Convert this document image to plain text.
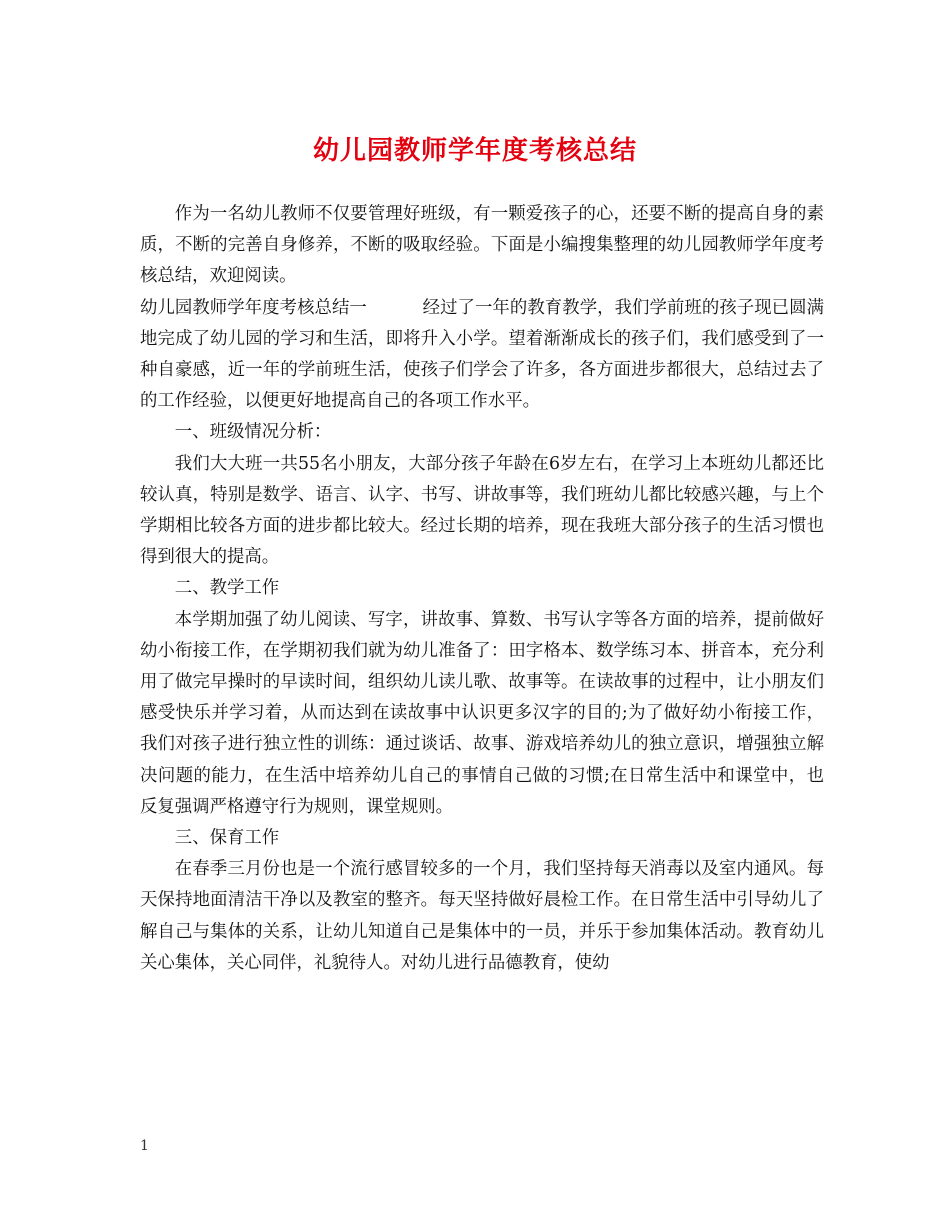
幼儿园教师学年度考核总结

作为一名幼儿教师不仅要管理好班级，有一颗爱孩子的心，还要不断的提高自身的素质，不断的完善自身修养，不断的吸取经验。下面是小编搜集整理的幼儿园教师学年度考核总结，欢迎阅读。

幼儿园教师学年度考核总结一	经过了一年的教育教学，我们学前班的孩子现已圆满地完成了幼儿园的学习和生活，即将升入小学。望着渐渐成长的孩子们，我们感受到了一种自豪感，近一年的学前班生活，使孩子们学会了许多，各方面进步都很大，总结过去了的工作经验，以便更好地提高自己的各项工作水平。

一、班级情况分析：

我们大大班一共55名小朋友，大部分孩子年龄在6岁左右，在学习上本班幼儿都还比较认真，特别是数学、语言、认字、书写、讲故事等，我们班幼儿都比较感兴趣，与上个学期相比较各方面的进步都比较大。经过长期的培养，现在我班大部分孩子的生活习惯也得到很大的提高。

二、教学工作

本学期加强了幼儿阅读、写字，讲故事、算数、书写认字等各方面的培养，提前做好幼小衔接工作，在学期初我们就为幼儿准备了：田字格本、数学练习本、拼音本，充分利用了做完早操时的早读时间，组织幼儿读儿歌、故事等。在读故事的过程中，让小朋友们感受快乐并学习着，从而达到在读故事中认识更多汉字的目的;为了做好幼小衔接工作，我们对孩子进行独立性的训练：通过谈话、故事、游戏培养幼儿的独立意识，增强独立解决问题的能力，在生活中培养幼儿自己的事情自己做的习惯;在日常生活中和课堂中，也反复强调严格遵守行为规则，课堂规则。

三、保育工作

在春季三月份也是一个流行感冒较多的一个月，我们坚持每天消毒以及室内通风。每天保持地面清洁干净以及教室的整齐。每天坚持做好晨检工作。在日常生活中引导幼儿了解自己与集体的关系，让幼儿知道自己是集体中的一员，并乐于参加集体活动。教育幼儿关心集体，关心同伴，礼貌待人。对幼儿进行品德教育，使幼

1
